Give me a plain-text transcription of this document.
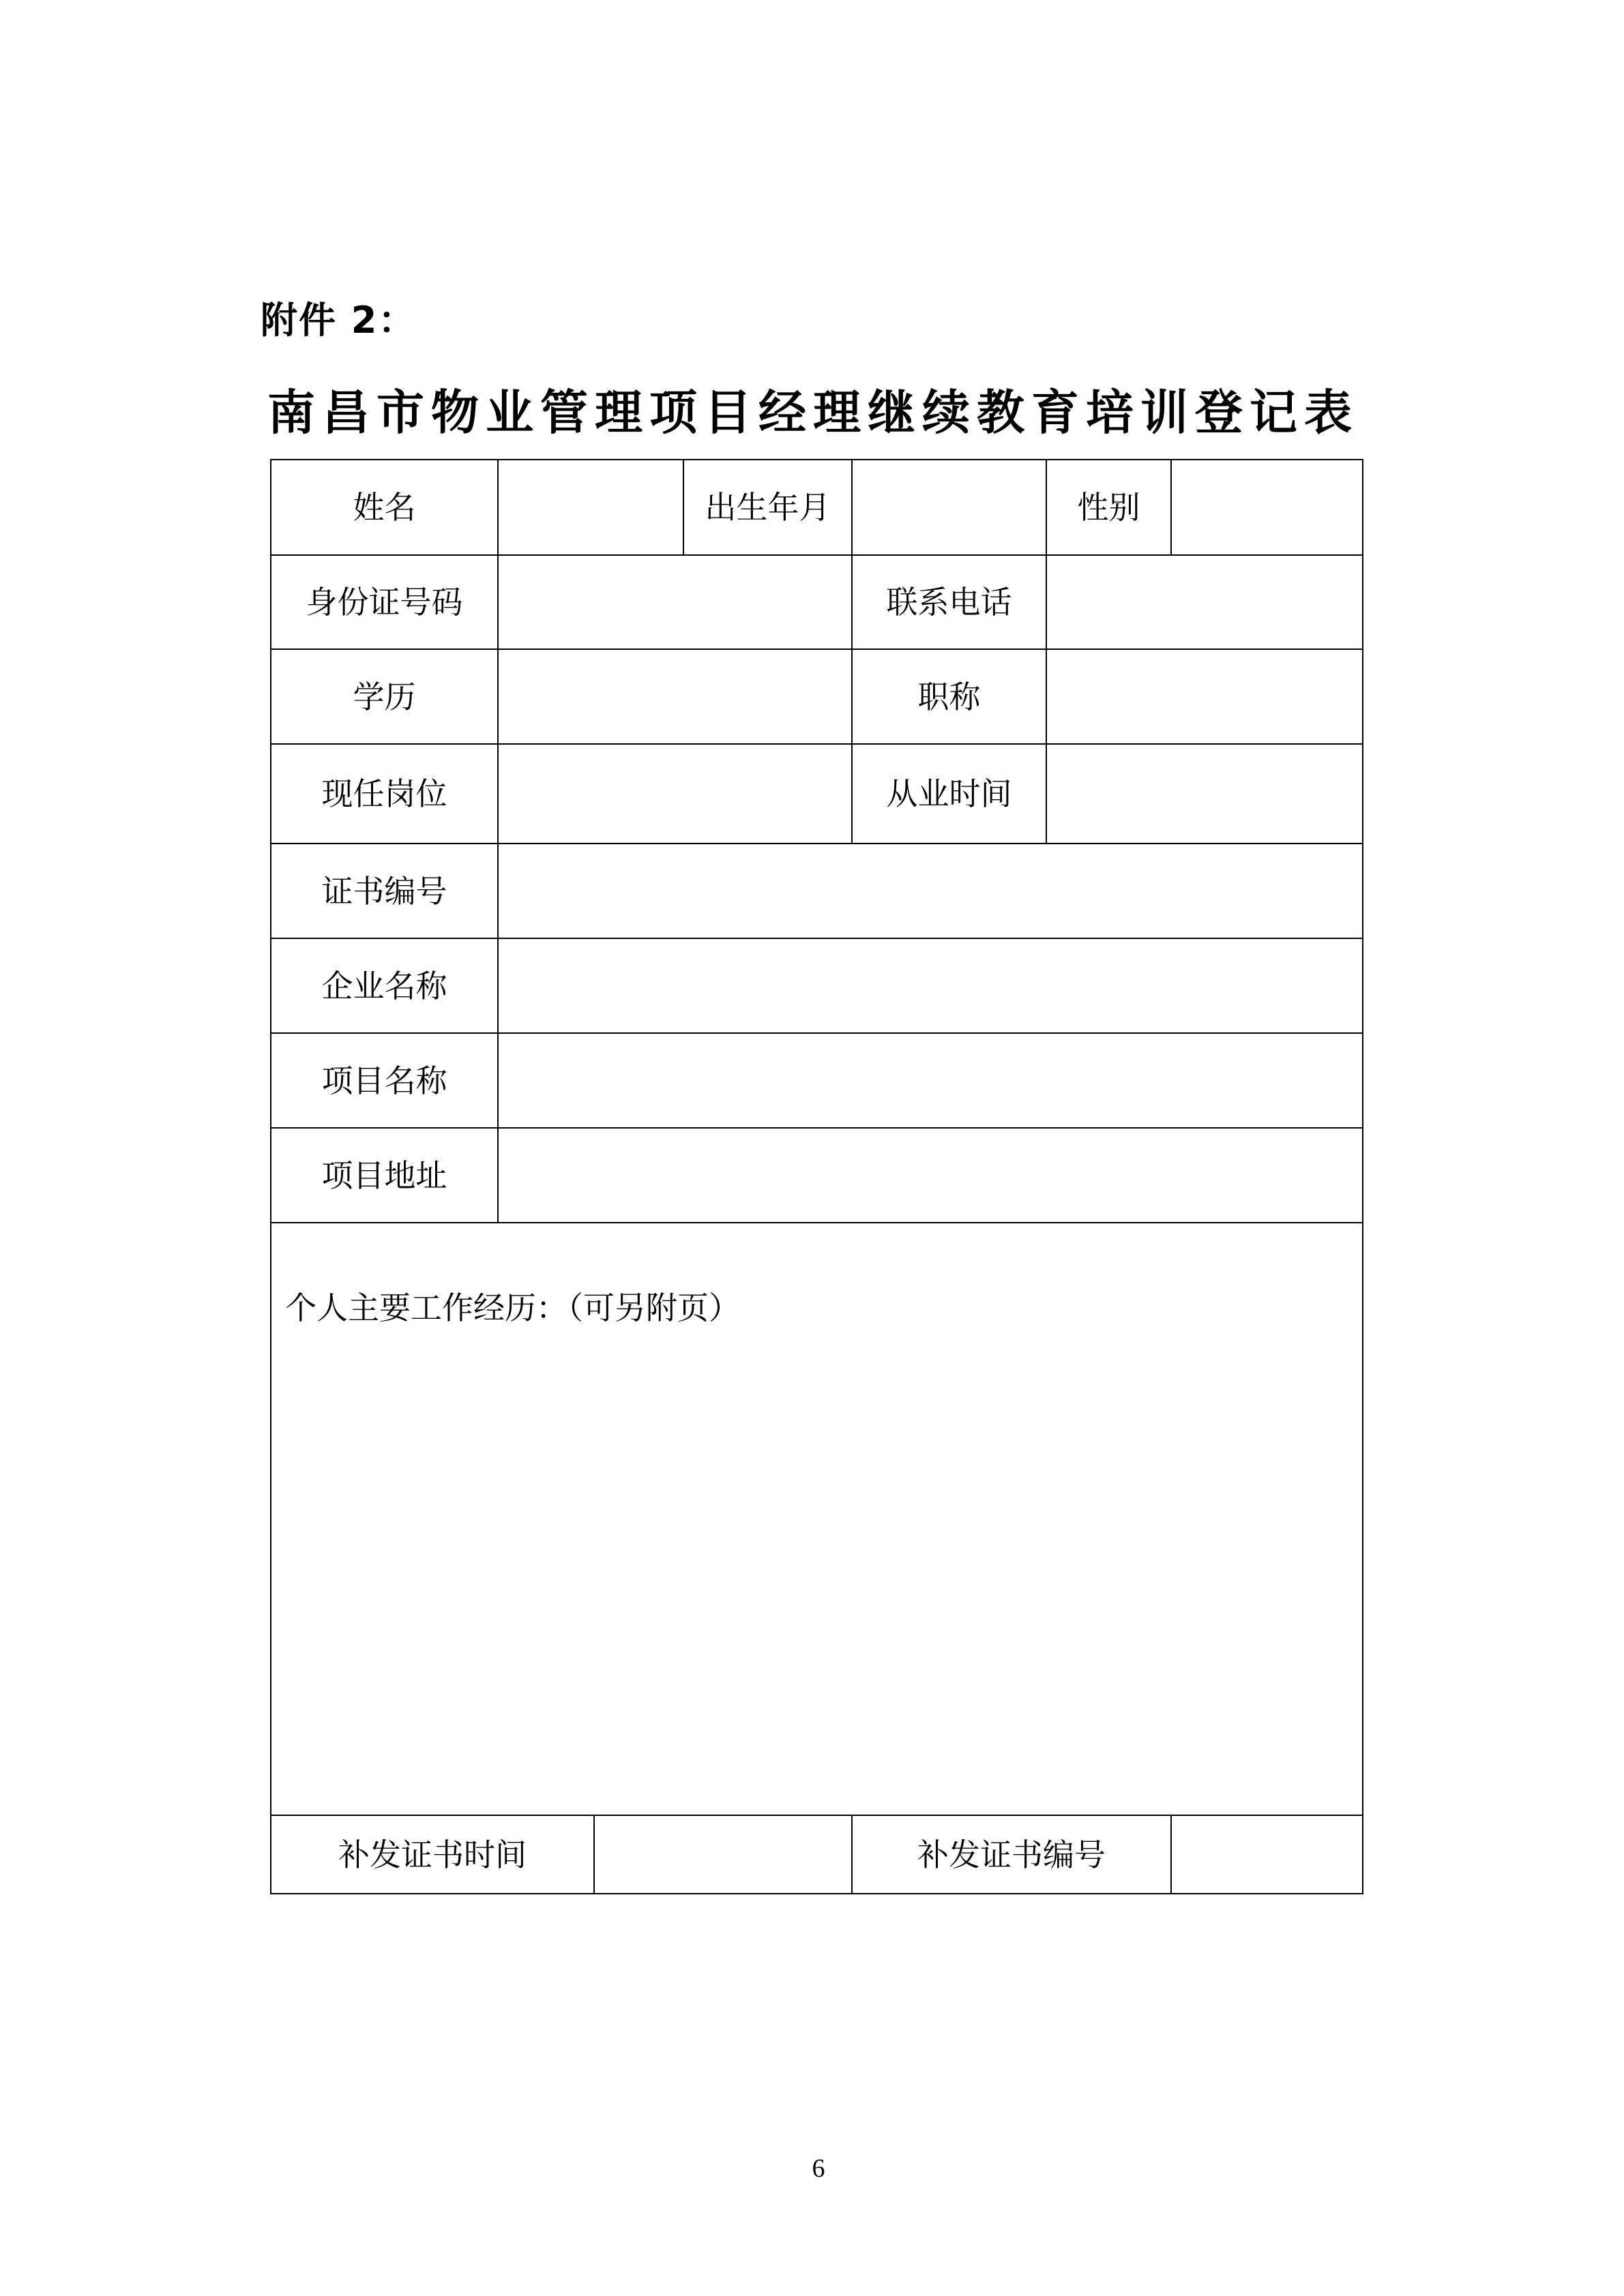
附件 2：
南昌市物业管理项目经理继续教育培训登记表
姓名	出生年月	性别
身份证号码	联系电话
学历	职称
现任岗位	从业时间
证书编号
企业名称
项目名称
项目地址
个人主要工作经历：（可另附页）
补发证书时间	补发证书编号
6
